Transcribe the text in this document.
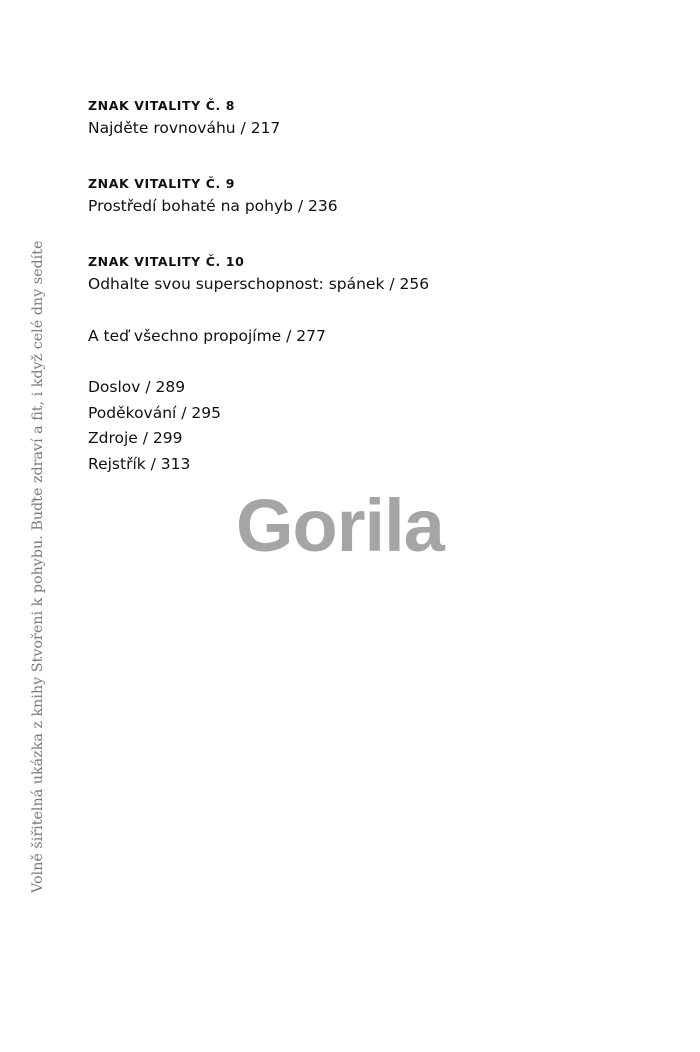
ZNAK VITALITY Č. 8
Najděte rovnováhu / 217
ZNAK VITALITY Č. 9
Prostředí bohaté na pohyb / 236
ZNAK VITALITY Č. 10
Odhalte svou superschopnost: spánek / 256
A teď všechno propojíme / 277
Doslov / 289
Poděkování / 295
Zdroje / 299
Rejstřík / 313
Gorila
Volně šiřitelná ukázka z knihy Stvořeni k pohybu. Buďte zdraví a fit, i když celé dny sedíte
